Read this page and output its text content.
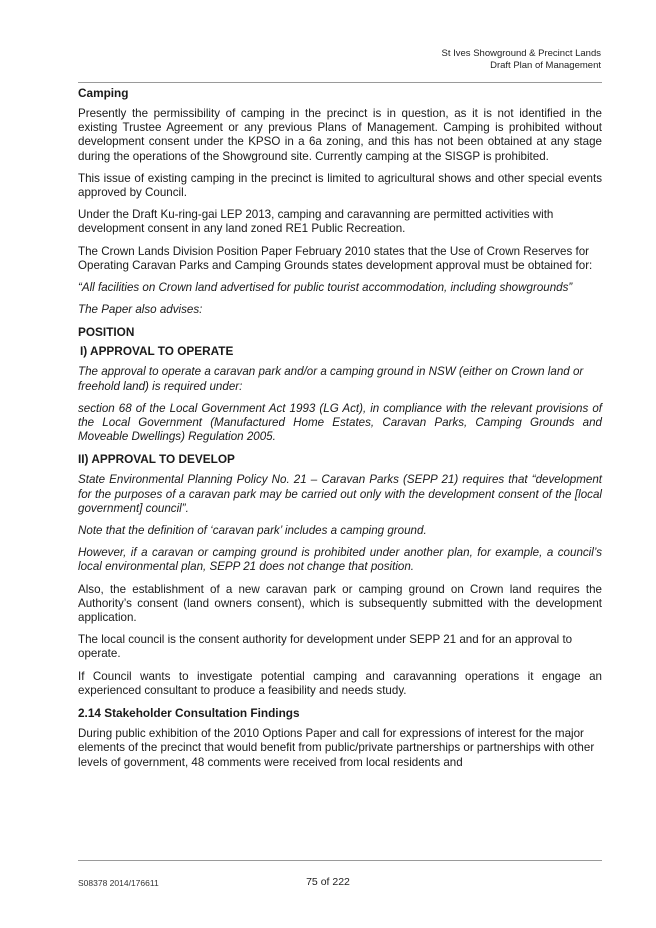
St Ives Showground & Precinct Lands
Draft Plan of Management
Camping

Presently the permissibility of camping in the precinct is in question, as it is not identified in the existing Trustee Agreement or any previous Plans of Management. Camping is prohibited without development consent under the KPSO in a 6a zoning, and this has not been obtained at any stage during the operations of the Showground site. Currently camping at the SISGP is prohibited.

This issue of existing camping in the precinct is limited to agricultural shows and other special events approved by Council.

Under the Draft Ku-ring-gai LEP 2013, camping and caravanning are permitted activities with development consent in any land zoned RE1 Public Recreation.

The Crown Lands Division Position Paper February 2010 states that the Use of Crown Reserves for Operating Caravan Parks and Camping Grounds states development approval must be obtained for:

“All facilities on Crown land advertised for public tourist accommodation, including showgrounds”

The Paper also advises:

POSITION
I) APPROVAL TO OPERATE

The approval to operate a caravan park and/or a camping ground in NSW (either on Crown land or freehold land) is required under:

section 68 of the Local Government Act 1993 (LG Act), in compliance with the relevant provisions of the Local Government (Manufactured Home Estates, Caravan Parks, Camping Grounds and Moveable Dwellings) Regulation 2005.

II) APPROVAL TO DEVELOP

State Environmental Planning Policy No. 21 – Caravan Parks (SEPP 21) requires that “development for the purposes of a caravan park may be carried out only with the development consent of the [local government] council”.

Note that the definition of ‘caravan park’ includes a camping ground.

However, if a caravan or camping ground is prohibited under another plan, for example, a council’s local environmental plan, SEPP 21 does not change that position.

Also, the establishment of a new caravan park or camping ground on Crown land requires the Authority’s consent (land owners consent), which is subsequently submitted with the development application.

The local council is the consent authority for development under SEPP 21 and for an approval to operate.

If Council wants to investigate potential camping and caravanning operations it engage an experienced consultant to produce a feasibility and needs study.

2.14 Stakeholder Consultation Findings

During public exhibition of the 2010 Options Paper and call for expressions of interest for the major elements of the precinct that would benefit from public/private partnerships or partnerships with other levels of government, 48 comments were received from local residents and

S08378 2014/176611	75 of 222
